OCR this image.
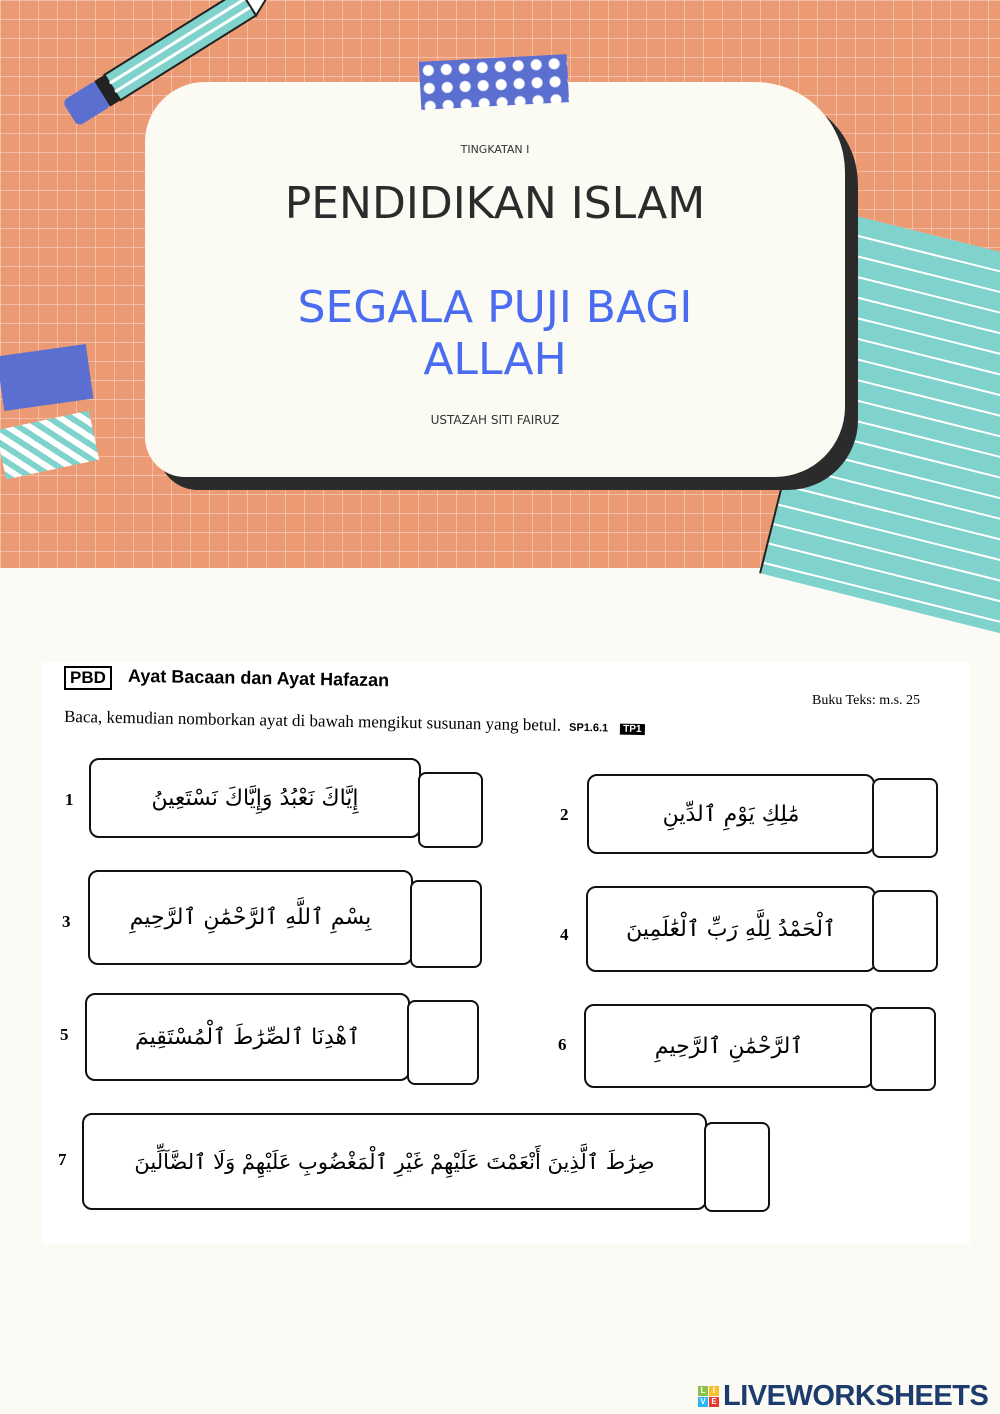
TINGKATAN I
PENDIDIKAN ISLAM
SEGALA PUJI BAGI
ALLAH
USTAZAH SITI FAIRUZ
PBD	Ayat Bacaan dan Ayat Hafazan
Buku Teks: m.s. 25
Baca, kemudian nomborkan ayat di bawah mengikut susunan yang betul. SP1.6.1 TP1
1	إِيَّاكَ نَعْبُدُ وَإِيَّاكَ نَسْتَعِينُ
2	مَٰلِكِ يَوْمِ ٱلدِّينِ
3	بِسْمِ ٱللَّهِ ٱلرَّحْمَٰنِ ٱلرَّحِيمِ
4	ٱلْحَمْدُ لِلَّهِ رَبِّ ٱلْعَٰلَمِينَ
5	ٱهْدِنَا ٱلصِّرَٰطَ ٱلْمُسْتَقِيمَ	6	ٱلرَّحْمَٰنِ ٱلرَّحِيمِ
7	صِرَٰطَ ٱلَّذِينَ أَنْعَمْتَ عَلَيْهِمْ غَيْرِ ٱلْمَغْضُوبِ عَلَيْهِمْ وَلَا ٱلضَّآلِّينَ
L I
V E LIVEWORKSHEETS
